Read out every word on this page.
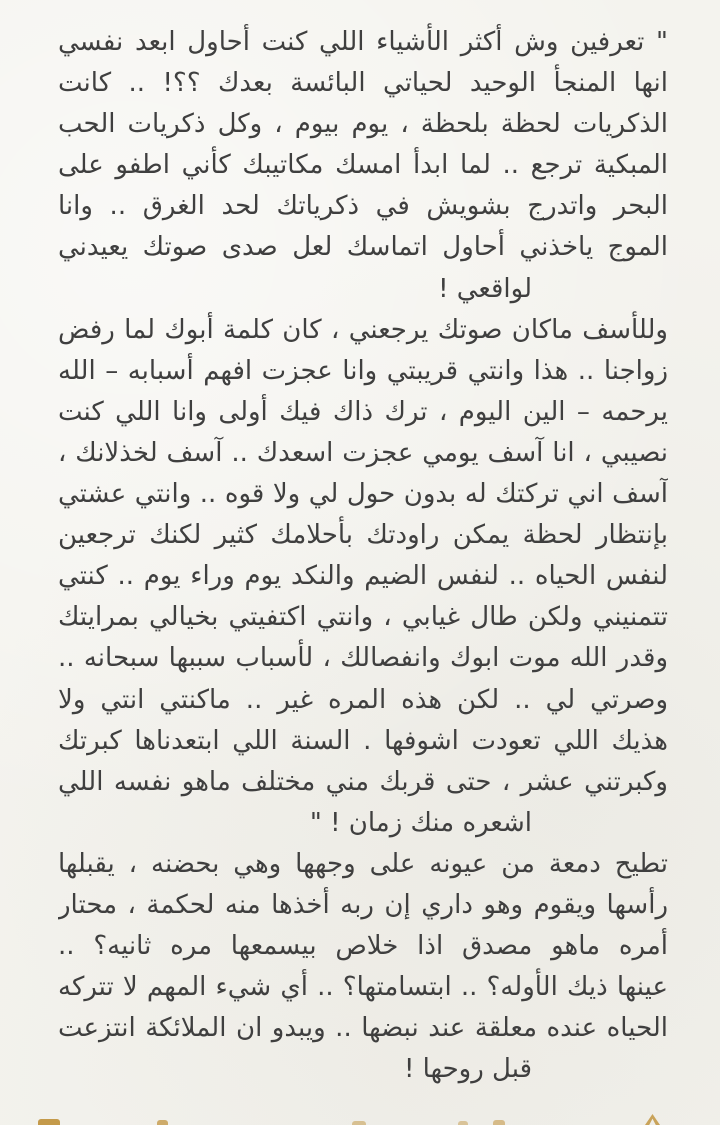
" تعرفين وش أكثر الأشياء اللي كنت أحاول ابعد نفسي
انها المنجأ الوحيد لحياتي البائسة بعدك ؟؟! .. كانت
الذكريات لحظة بلحظة ، يوم بيوم ، وكل ذكريات الحب
المبكية ترجع .. لما ابدأ امسك مكاتيبك كأني اطفو على
البحر واتدرج بشويش في ذكرياتك لحد الغرق .. وانا
الموج ياخذني أحاول اتماسك لعل صدى صوتك يعيدني
لواقعي !
وللأسف ماكان صوتك يرجعني ، كان كلمة أبوك لما رفض
زواجنا .. هذا وانتي قريبتي وانا عجزت افهم أسبابه – الله
يرحمه – الين اليوم ، ترك ذاك فيك أولى وانا اللي كنت
نصيبي ، انا آسف يومي عجزت اسعدك .. آسف لخذلانك ،
آسف اني تركتك له بدون حول لي ولا قوه .. وانتي عشتي
بإنتظار لحظة يمكن راودتك بأحلامك كثير لكنك ترجعين
لنفس الحياه .. لنفس الضيم والنكد يوم وراء يوم .. كنتي
تتمنيني ولكن طال غيابي ، وانتي اكتفيتي بخيالي بمرايتك
وقدر الله موت ابوك وانفصالك ، لأسباب سببها سبحانه ..
وصرتي لي .. لكن هذه المره غير .. ماكنتي انتي ولا
هذيك اللي تعودت اشوفها . السنة اللي ابتعدناها كبرتك
وكبرتني عشر ، حتى قربك مني مختلف ماهو نفسه اللي
اشعره منك زمان ! "
تطيح دمعة من عيونه على وجهها وهي بحضنه ، يقبلها
رأسها ويقوم وهو داري إن ربه أخذها منه لحكمة ، محتار
أمره ماهو مصدق اذا خلاص بيسمعها مره ثانيه؟ ..
عينها ذيك الأوله؟ .. ابتسامتها؟ .. أي شيء المهم لا تتركه
الحياه عنده معلقة عند نبضها .. ويبدو ان الملائكة انتزعت
قبل روحها !
